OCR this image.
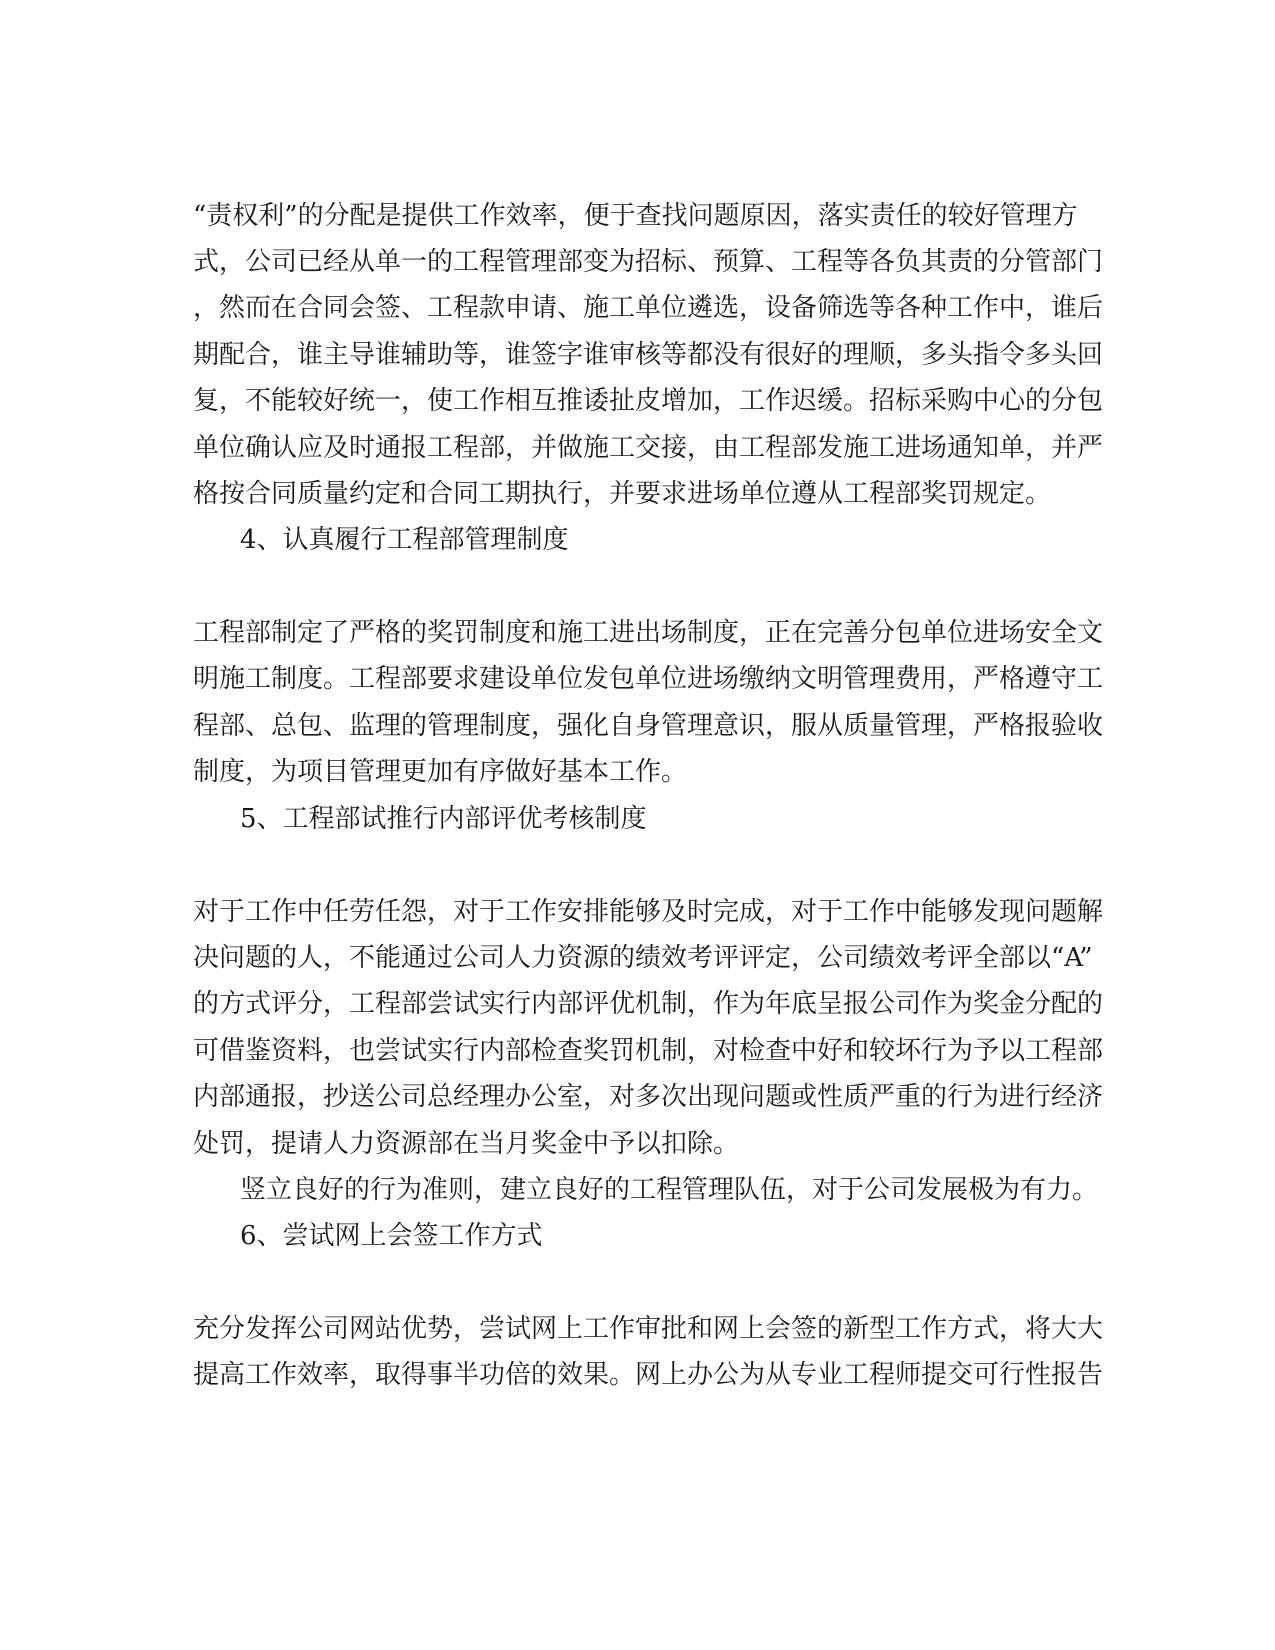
“责权利”的分配是提供工作效率，便于查找问题原因，落实责任的较好管理方
式，公司已经从单一的工程管理部变为招标、预算、工程等各负其责的分管部门
，然而在合同会签、工程款申请、施工单位遴选，设备筛选等各种工作中，谁后
期配合，谁主导谁辅助等，谁签字谁审核等都没有很好的理顺，多头指令多头回
复，不能较好统一，使工作相互推诿扯皮增加，工作迟缓。招标采购中心的分包
单位确认应及时通报工程部，并做施工交接，由工程部发施工进场通知单，并严
格按合同质量约定和合同工期执行，并要求进场单位遵从工程部奖罚规定。
4、认真履行工程部管理制度
工程部制定了严格的奖罚制度和施工进出场制度，正在完善分包单位进场安全文
明施工制度。工程部要求建设单位发包单位进场缴纳文明管理费用，严格遵守工
程部、总包、监理的管理制度，强化自身管理意识，服从质量管理，严格报验收
制度，为项目管理更加有序做好基本工作。
5、工程部试推行内部评优考核制度
对于工作中任劳任怨，对于工作安排能够及时完成，对于工作中能够发现问题解
决问题的人，不能通过公司人力资源的绩效考评评定，公司绩效考评全部以“A”
的方式评分，工程部尝试实行内部评优机制，作为年底呈报公司作为奖金分配的
可借鉴资料，也尝试实行内部检查奖罚机制，对检查中好和较坏行为予以工程部
内部通报，抄送公司总经理办公室，对多次出现问题或性质严重的行为进行经济
处罚，提请人力资源部在当月奖金中予以扣除。
竖立良好的行为准则，建立良好的工程管理队伍，对于公司发展极为有力。
6、尝试网上会签工作方式
充分发挥公司网站优势，尝试网上工作审批和网上会签的新型工作方式，将大大
提高工作效率，取得事半功倍的效果。网上办公为从专业工程师提交可行性报告
